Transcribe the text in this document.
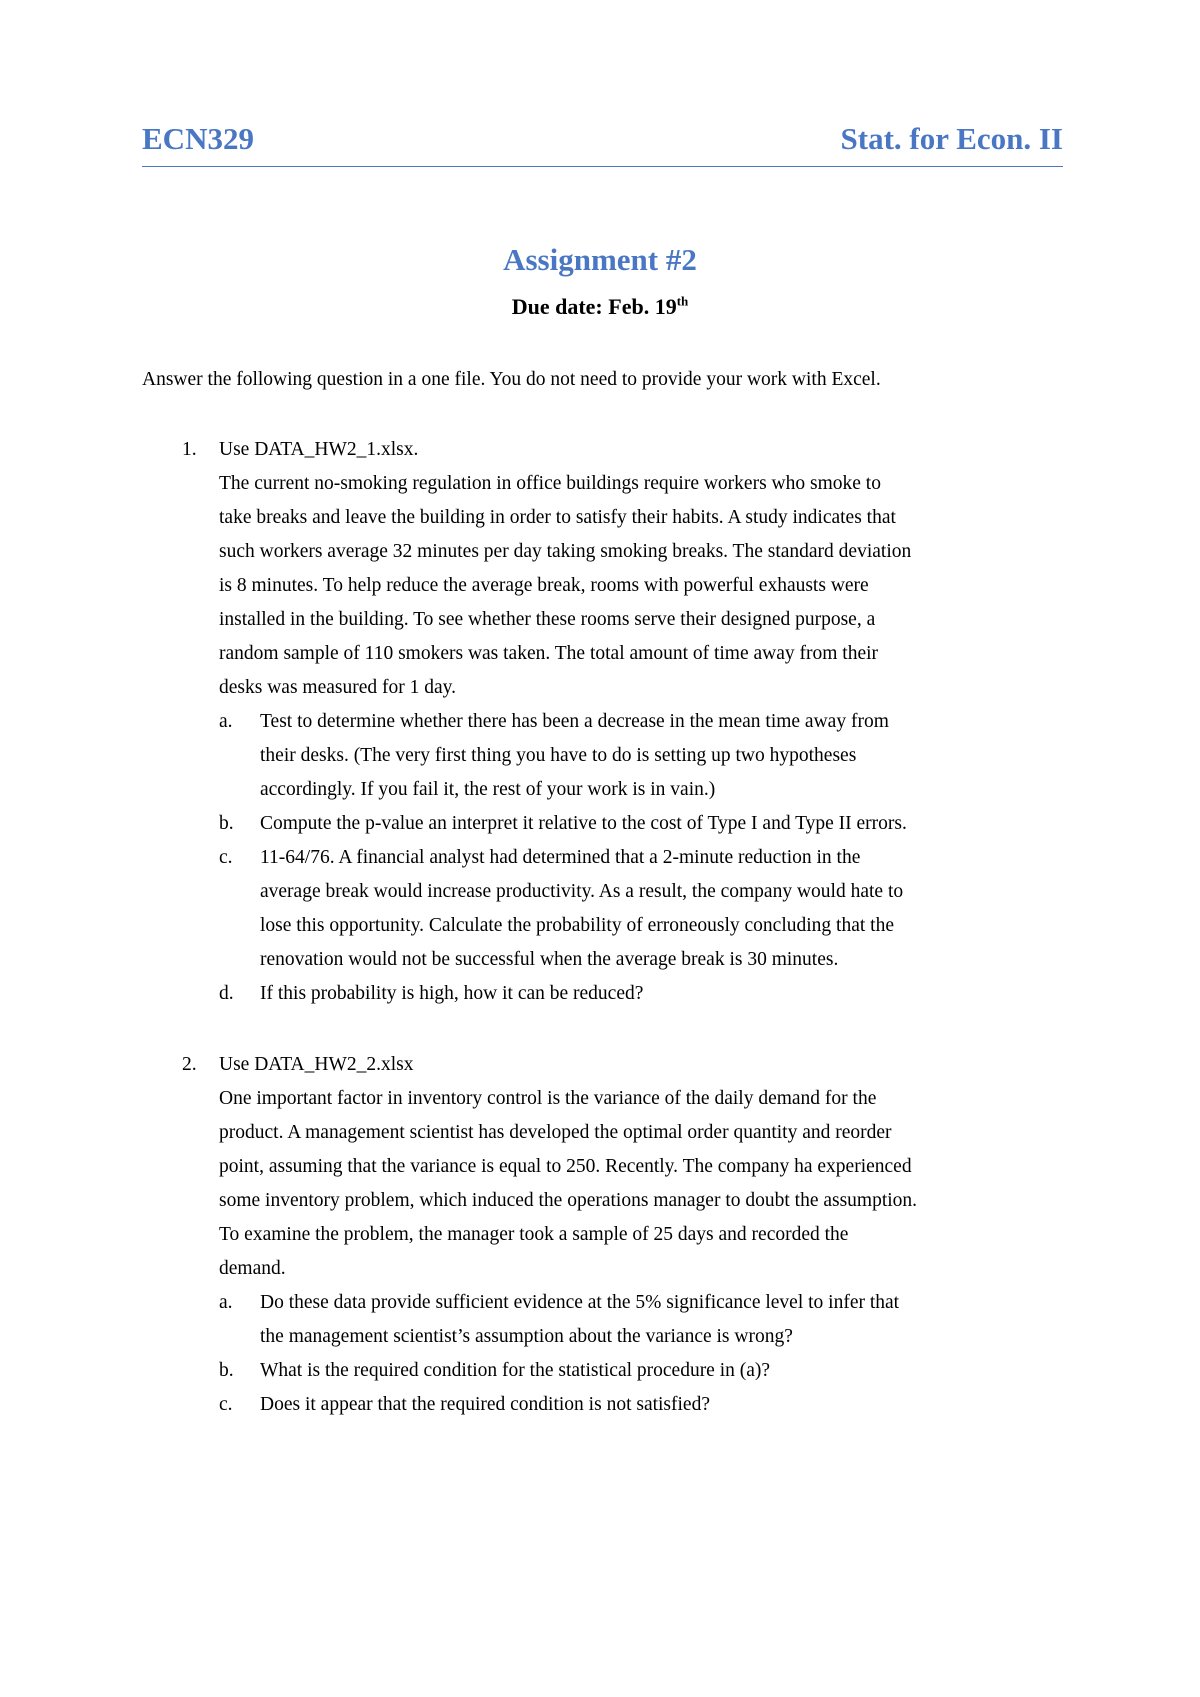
ECN329	Stat. for Econ. II
Assignment #2
Due date: Feb. 19th
Answer the following question in a one file. You do not need to provide your work with Excel.
1. Use DATA_HW2_1.xlsx.
The current no-smoking regulation in office buildings require workers who smoke to
take breaks and leave the building in order to satisfy their habits. A study indicates that
such workers average 32 minutes per day taking smoking breaks. The standard deviation
is 8 minutes. To help reduce the average break, rooms with powerful exhausts were
installed in the building. To see whether these rooms serve their designed purpose, a
random sample of 110 smokers was taken. The total amount of time away from their
desks was measured for 1 day.
a. Test to determine whether there has been a decrease in the mean time away from
their desks. (The very first thing you have to do is setting up two hypotheses
accordingly. If you fail it, the rest of your work is in vain.)
b. Compute the p-value an interpret it relative to the cost of Type I and Type II errors.
c. 11-64/76. A financial analyst had determined that a 2-minute reduction in the
average break would increase productivity. As a result, the company would hate to
lose this opportunity. Calculate the probability of erroneously concluding that the
renovation would not be successful when the average break is 30 minutes.
d. If this probability is high, how it can be reduced?
2. Use DATA_HW2_2.xlsx
One important factor in inventory control is the variance of the daily demand for the
product. A management scientist has developed the optimal order quantity and reorder
point, assuming that the variance is equal to 250. Recently. The company ha experienced
some inventory problem, which induced the operations manager to doubt the assumption.
To examine the problem, the manager took a sample of 25 days and recorded the
demand.
a. Do these data provide sufficient evidence at the 5% significance level to infer that
the management scientist’s assumption about the variance is wrong?
b. What is the required condition for the statistical procedure in (a)?
c. Does it appear that the required condition is not satisfied?
